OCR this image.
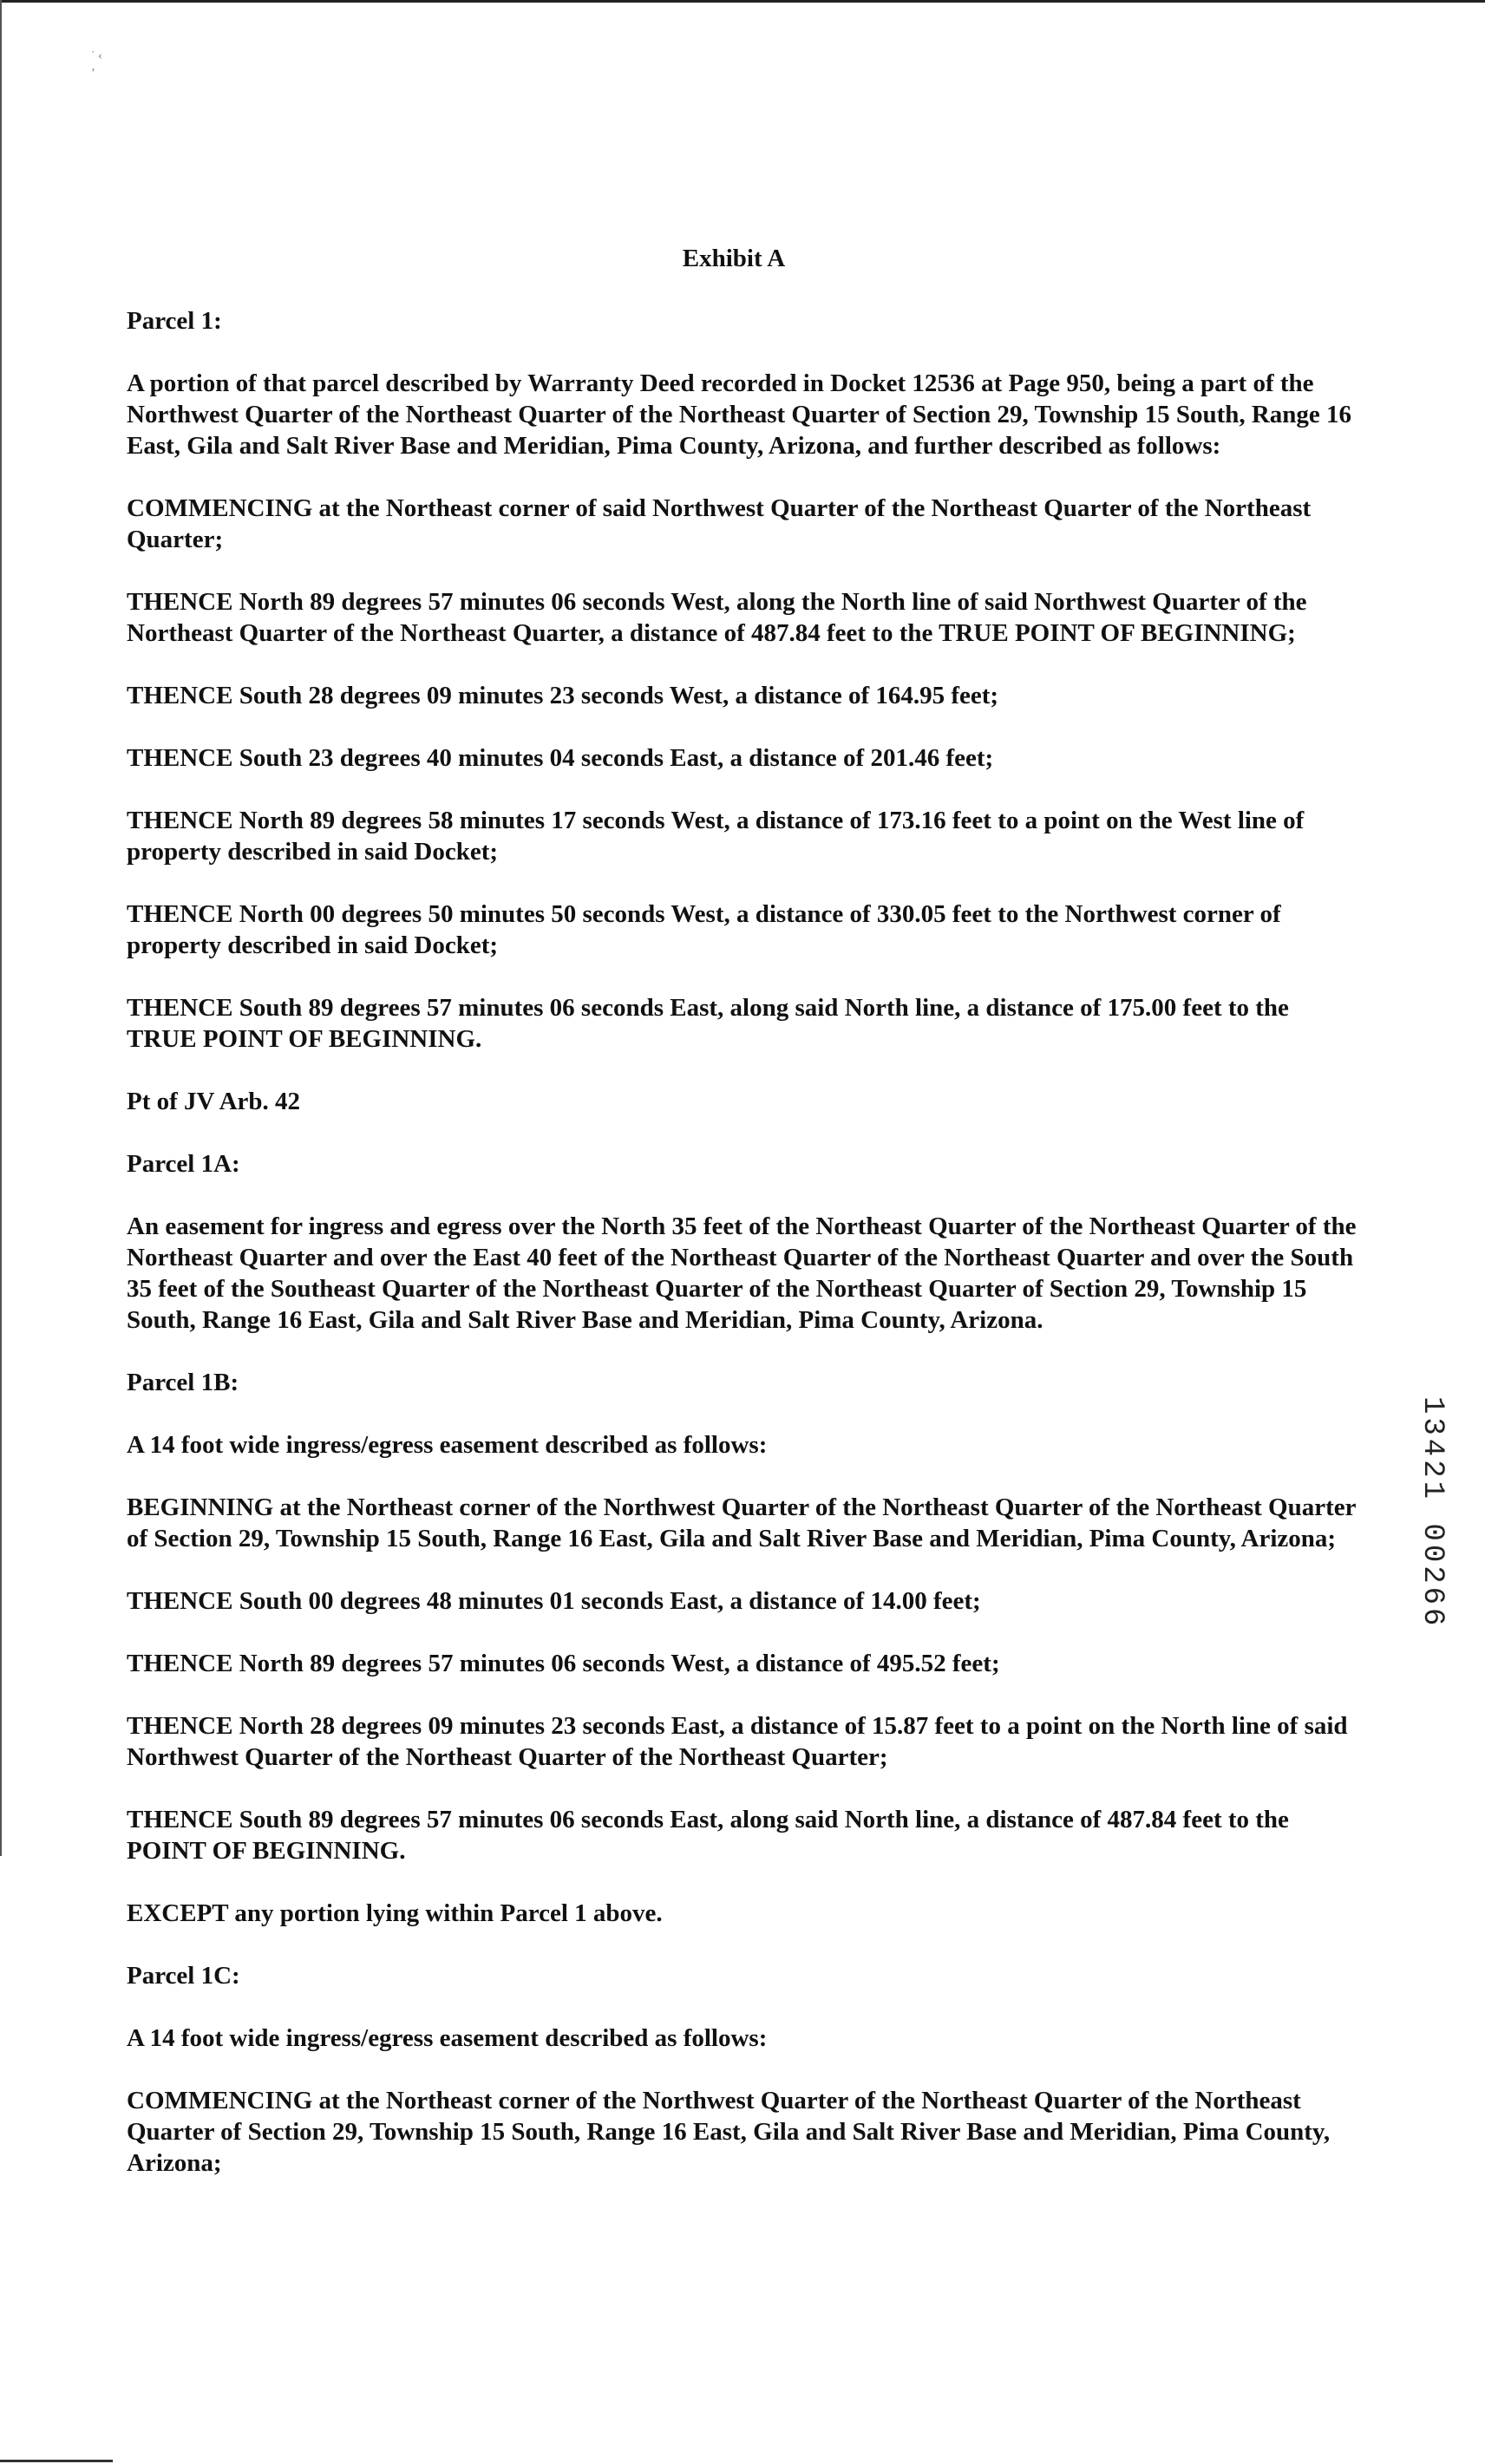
˙ ‹
’

Exhibit A

Parcel 1:

A portion of that parcel described by Warranty Deed recorded in Docket 12536 at Page 950, being a part of the Northwest Quarter of the Northeast Quarter of the Northeast Quarter of Section 29, Township 15 South, Range 16 East, Gila and Salt River Base and Meridian, Pima County, Arizona, and further described as follows:

COMMENCING at the Northeast corner of said Northwest Quarter of the Northeast Quarter of the Northeast Quarter;

THENCE North 89 degrees 57 minutes 06 seconds West, along the North line of said Northwest Quarter of the Northeast Quarter of the Northeast Quarter, a distance of 487.84 feet to the TRUE POINT OF BEGINNING;

THENCE South 28 degrees 09 minutes 23 seconds West, a distance of 164.95 feet;

THENCE South 23 degrees 40 minutes 04 seconds East, a distance of 201.46 feet;

THENCE North 89 degrees 58 minutes 17 seconds West, a distance of 173.16 feet to a point on the West line of property described in said Docket;

THENCE North 00 degrees 50 minutes 50 seconds West, a distance of 330.05 feet to the Northwest corner of property described in said Docket;

THENCE South 89 degrees 57 minutes 06 seconds East, along said North line, a distance of 175.00 feet to the TRUE POINT OF BEGINNING.

Pt of JV Arb. 42

Parcel 1A:

An easement for ingress and egress over the North 35 feet of the Northeast Quarter of the Northeast Quarter of the Northeast Quarter and over the East 40 feet of the Northeast Quarter of the Northeast Quarter and over the South 35 feet of the Southeast Quarter of the Northeast Quarter of the Northeast Quarter of Section 29, Township 15 South, Range 16 East, Gila and Salt River Base and Meridian, Pima County, Arizona.

Parcel 1B:

A 14 foot wide ingress/egress easement described as follows:

BEGINNING at the Northeast corner of the Northwest Quarter of the Northeast Quarter of the Northeast Quarter of Section 29, Township 15 South, Range 16 East, Gila and Salt River Base and Meridian, Pima County, Arizona;

THENCE South 00 degrees 48 minutes 01 seconds East, a distance of 14.00 feet;

THENCE North 89 degrees 57 minutes 06 seconds West, a distance of 495.52 feet;

THENCE North 28 degrees 09 minutes 23 seconds East, a distance of 15.87 feet to a point on the North line of said Northwest Quarter of the Northeast Quarter of the Northeast Quarter;

THENCE South 89 degrees 57 minutes 06 seconds East, along said North line, a distance of 487.84 feet to the POINT OF BEGINNING.

EXCEPT any portion lying within Parcel 1 above.

Parcel 1C:

A 14 foot wide ingress/egress easement described as follows:

COMMENCING at the Northeast corner of the Northwest Quarter of the Northeast Quarter of the Northeast Quarter of Section 29, Township 15 South, Range 16 East, Gila and Salt River Base and Meridian, Pima County, Arizona;

13421 00266
